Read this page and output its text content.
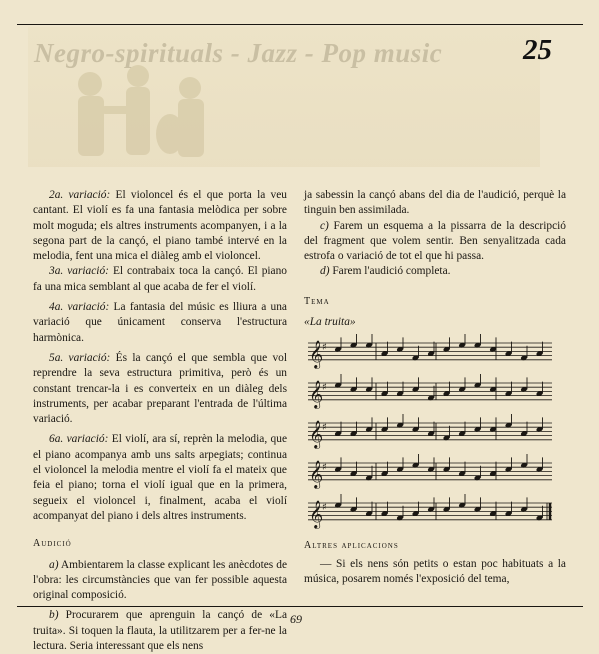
Negro-spirituals - Jazz - Pop music	25

2a. variació: El violoncel és el que porta la veu cantant. El violí es fa una fantasia melòdica per sobre molt moguda; els altres instruments acompanyen, i a la segona part de la cançó, el piano també intervé en la melodia, fent una mica el diàleg amb el violoncel.

3a. variació: El contrabaix toca la cançó. El piano fa una mica semblant al que acaba de fer el violí.

4a. variació: La fantasia del músic es lliura a una variació que únicament conserva l'estructura harmònica.

5a. variació: És la cançó el que sembla que vol reprendre la seva estructura primitiva, però és un constant trencar-la i es converteix en un diàleg dels instruments, per acabar preparant l'entrada de l'última variació.

6a. variació: El violí, ara sí, reprèn la melodia, que el piano acompanya amb uns salts arpegiats; continua el violoncel la melodia mentre el violí fa el mateix que feia el piano; torna el violí igual que en la primera, segueix el violoncel i, finalment, acaba el violí acompanyat del piano i dels altres instruments.

Audició

a) Ambientarem la classe explicant les anècdotes de l'obra: les circumstàncies que van fer possible aquesta original composició.

b) Procurarem que aprenguin la cançó de «La truita». Si toquen la flauta, la utilitzarem per a fer-ne la lectura. Seria interessant que els nens

ja sabessin la cançó abans del dia de l'audició, perquè la tinguin ben assimilada.

c) Farem un esquema a la pissarra de la descripció del fragment que volem sentir. Ben senyalitzada cada estrofa o variació de tot el que hi passa.

d) Farem l'audició completa.

Tema

«La truita»

𝄞
♯
𝄞
♯
𝄞
♯
𝄞
♯
𝄞
♯

Altres aplicacions

— Si els nens són petits o estan poc habituats a la música, posarem només l'exposició del tema,

69
